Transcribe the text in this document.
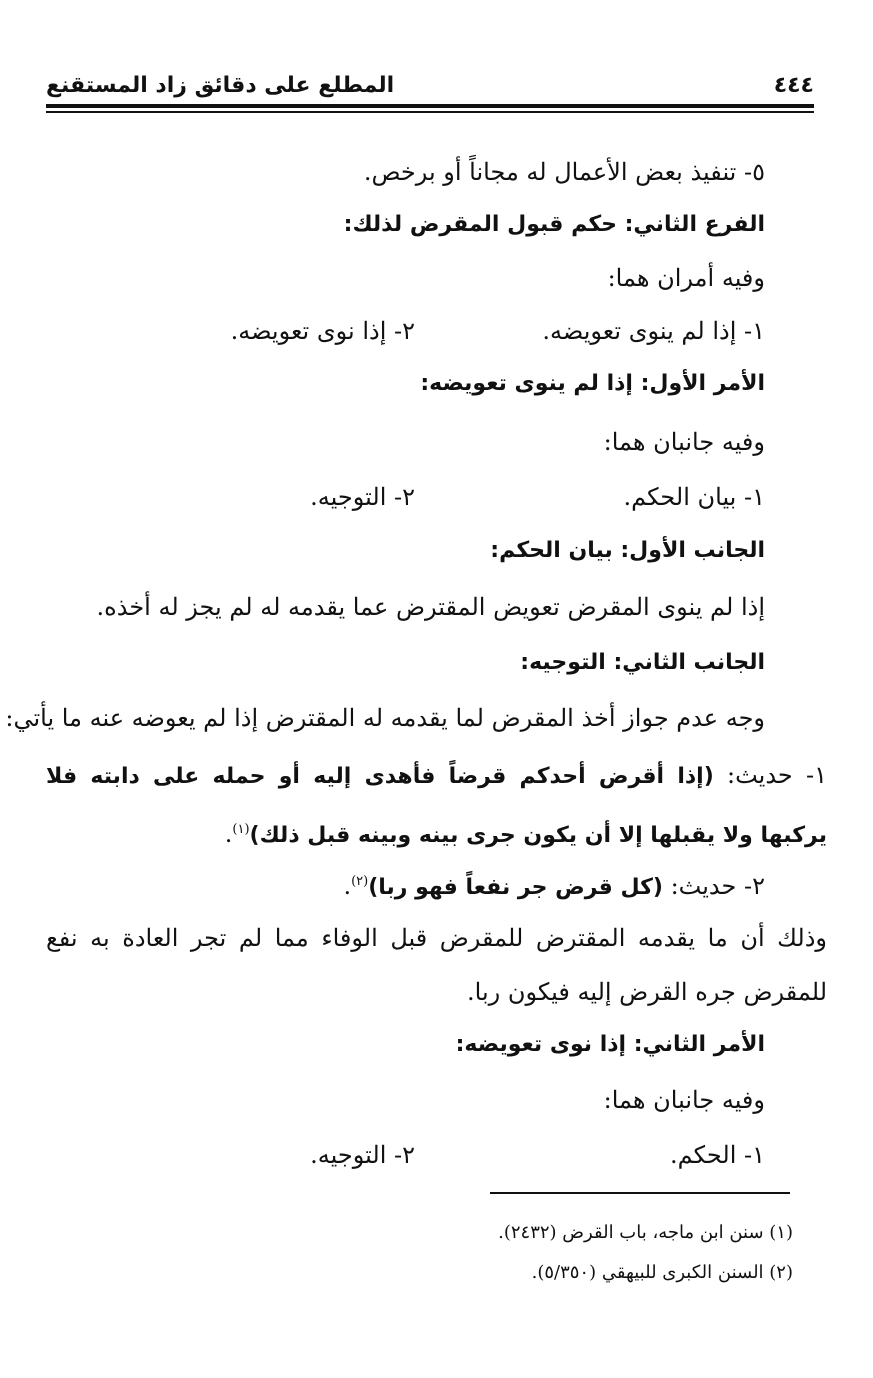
٤٤٤
المطلع على دقائق زاد المستقنع
٥- تنفيذ بعض الأعمال له مجاناً أو برخص.
الفرع الثاني: حكم قبول المقرض لذلك:
وفيه أمران هما:
١- إذا لم ينوى تعويضه.
٢- إذا نوى تعويضه.
الأمر الأول: إذا لم ينوى تعويضه:
وفيه جانبان هما:
١- بيان الحكم.
٢- التوجيه.
الجانب الأول: بيان الحكم:
إذا لم ينوى المقرض تعويض المقترض عما يقدمه له لم يجز له أخذه.
الجانب الثاني: التوجيه:
وجه عدم جواز أخذ المقرض لما يقدمه له المقترض إذا لم يعوضه عنه ما يأتي:
١- حديث: (إذا أقرض أحدكم قرضاً فأهدى إليه أو حمله على دابته فلا
يركبها ولا يقبلها إلا أن يكون جرى بينه وبينه قبل ذلك)$^{(١)}$.
٢- حديث: (كل قرض جر نفعاً فهو ربا)$^{(٢)}$.
وذلك أن ما يقدمه المقترض للمقرض قبل الوفاء مما لم تجر العادة به نفع
للمقرض جره القرض إليه فيكون ربا.
الأمر الثاني: إذا نوى تعويضه:
وفيه جانبان هما:
١- الحكم.
٢- التوجيه.
(١) سنن ابن ماجه، باب القرض (٢٤٣٢).
(٢) السنن الكبرى للبيهقي (٥/٣٥٠).
